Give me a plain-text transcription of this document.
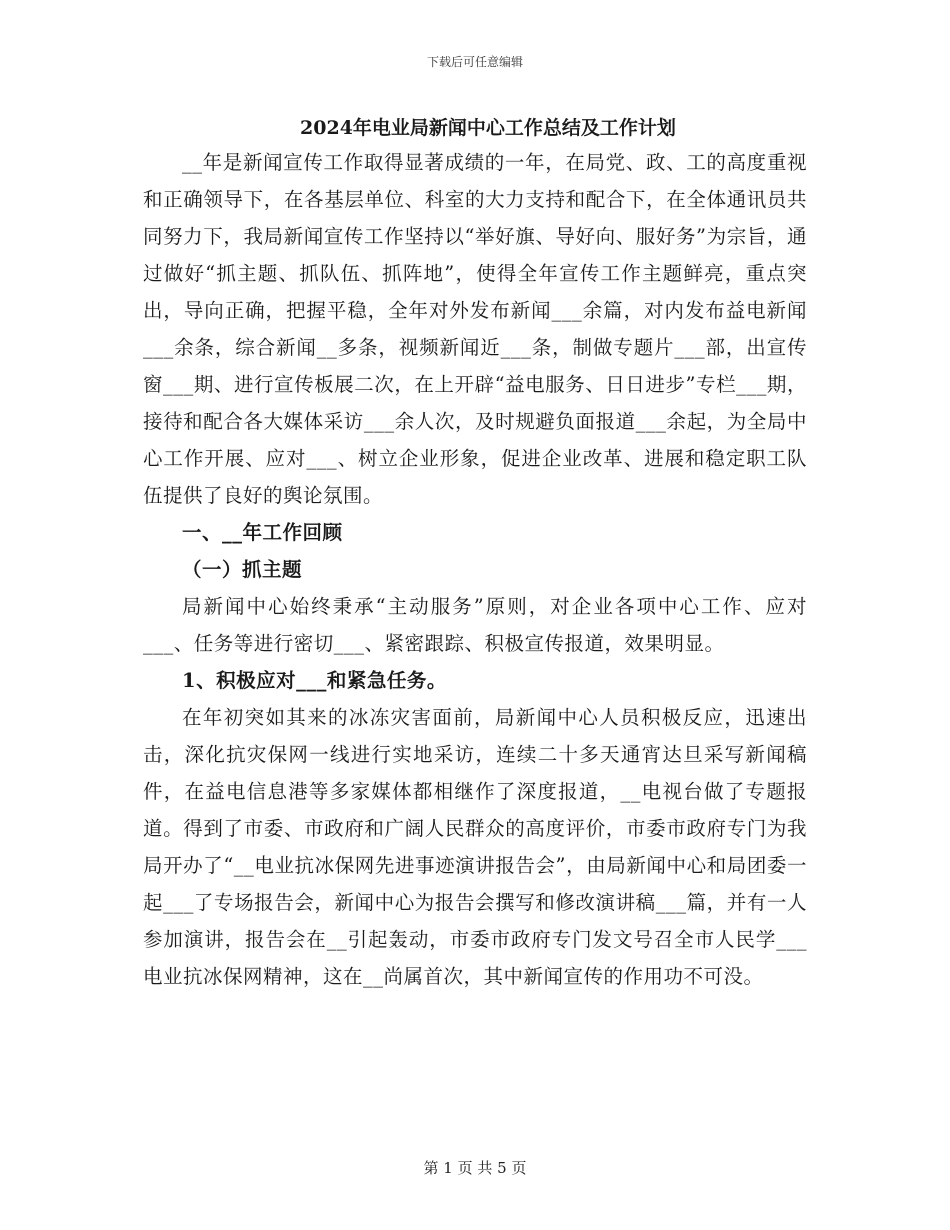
下载后可任意编辑
2024年电业局新闻中心工作总结及工作计划

__年是新闻宣传工作取得显著成绩的一年，在局党、政、工的高度重视和正确领导下，在各基层单位、科室的大力支持和配合下，在全体通讯员共同努力下，我局新闻宣传工作坚持以“举好旗、导好向、服好务”为宗旨，通过做好“抓主题、抓队伍、抓阵地”，使得全年宣传工作主题鲜亮，重点突出，导向正确，把握平稳，全年对外发布新闻___余篇，对内发布益电新闻___余条，综合新闻__多条，视频新闻近___条，制做专题片___部，出宣传窗___期、进行宣传板展二次，在上开辟“益电服务、日日进步”专栏___期，接待和配合各大媒体采访___余人次，及时规避负面报道___余起，为全局中心工作开展、应对___、树立企业形象，促进企业改革、进展和稳定职工队伍提供了良好的舆论氛围。

一、__年工作回顾

（一）抓主题

局新闻中心始终秉承“主动服务”原则，对企业各项中心工作、应对___、任务等进行密切___、紧密跟踪、积极宣传报道，效果明显。

1、积极应对___和紧急任务。

在年初突如其来的冰冻灾害面前，局新闻中心人员积极反应，迅速出击，深化抗灾保网一线进行实地采访，连续二十多天通宵达旦采写新闻稿件，在益电信息港等多家媒体都相继作了深度报道，__电视台做了专题报道。得到了市委、市政府和广阔人民群众的高度评价，市委市政府专门为我局开办了“__电业抗冰保网先进事迹演讲报告会”，由局新闻中心和局团委一起___了专场报告会，新闻中心为报告会撰写和修改演讲稿___篇，并有一人参加演讲，报告会在__引起轰动，市委市政府专门发文号召全市人民学___电业抗冰保网精神，这在__尚属首次，其中新闻宣传的作用功不可没。

第 1 页 共 5 页
